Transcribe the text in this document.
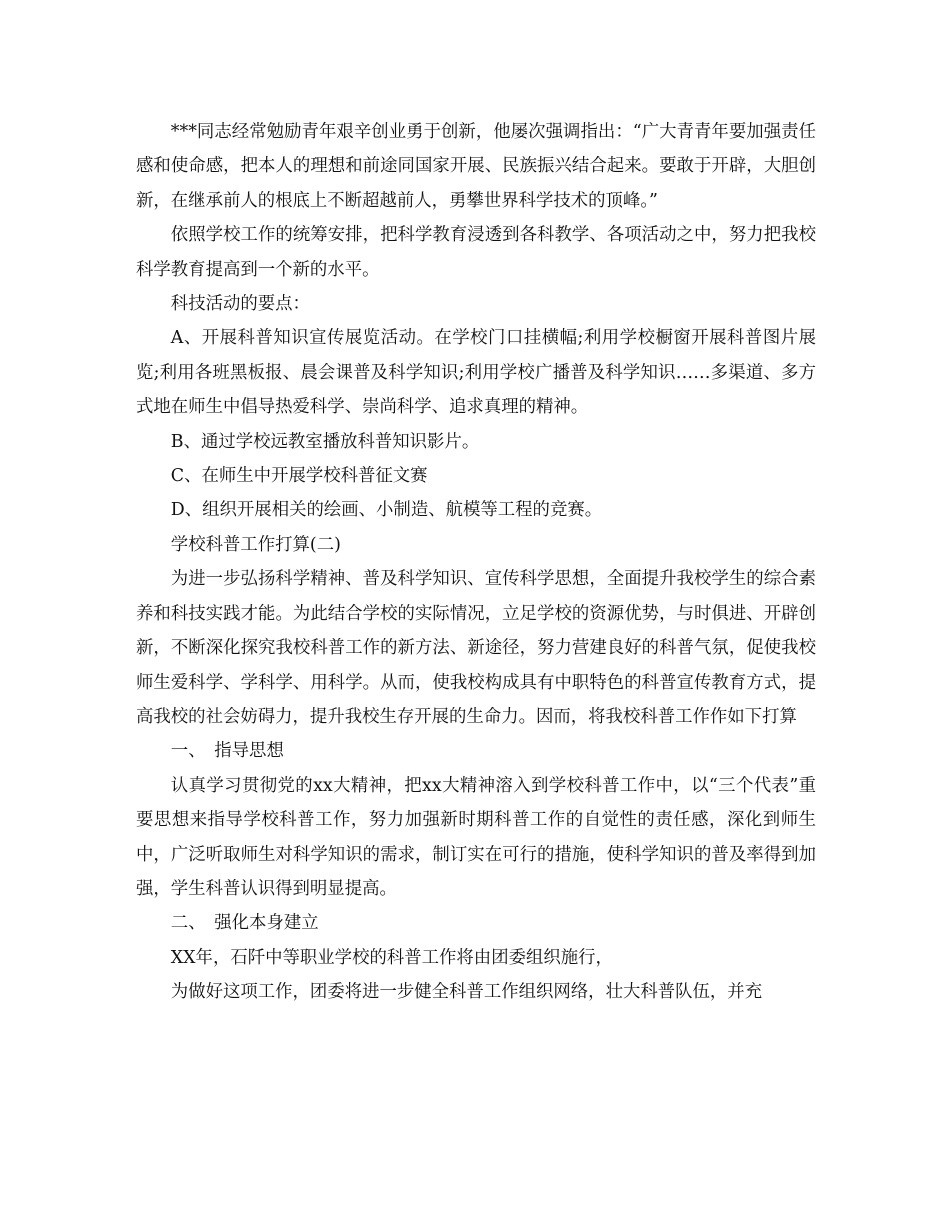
***同志经常勉励青年艰辛创业勇于创新，他屡次强调指出：“广大青青年要加强责任感和使命感，把本人的理想和前途同国家开展、民族振兴结合起来。要敢于开辟，大胆创新，在继承前人的根底上不断超越前人，勇攀世界科学技术的顶峰。”

依照学校工作的统筹安排，把科学教育浸透到各科教学、各项活动之中，努力把我校科学教育提高到一个新的水平。

科技活动的要点：

A、开展科普知识宣传展览活动。在学校门口挂横幅;利用学校橱窗开展科普图片展览;利用各班黑板报、晨会课普及科学知识;利用学校广播普及科学知识……多渠道、多方式地在师生中倡导热爱科学、崇尚科学、追求真理的精神。

B、通过学校远教室播放科普知识影片。

C、在师生中开展学校科普征文赛

D、组织开展相关的绘画、小制造、航模等工程的竞赛。

学校科普工作打算(二)

为进一步弘扬科学精神、普及科学知识、宣传科学思想，全面提升我校学生的综合素养和科技实践才能。为此结合学校的实际情况，立足学校的资源优势，与时俱进、开辟创新，不断深化探究我校科普工作的新方法、新途径，努力营建良好的科普气氛，促使我校师生爱科学、学科学、用科学。从而，使我校构成具有中职特色的科普宣传教育方式，提高我校的社会妨碍力，提升我校生存开展的生命力。因而，将我校科普工作作如下打算

一、　指导思想

认真学习贯彻党的xx大精神，把xx大精神溶入到学校科普工作中，以“三个代表”重要思想来指导学校科普工作，努力加强新时期科普工作的自觉性的责任感，深化到师生中，广泛听取师生对科学知识的需求，制订实在可行的措施，使科学知识的普及率得到加强，学生科普认识得到明显提高。

二、　强化本身建立

XX年，石阡中等职业学校的科普工作将由团委组织施行，

为做好这项工作，团委将进一步健全科普工作组织网络，壮大科普队伍，并充
